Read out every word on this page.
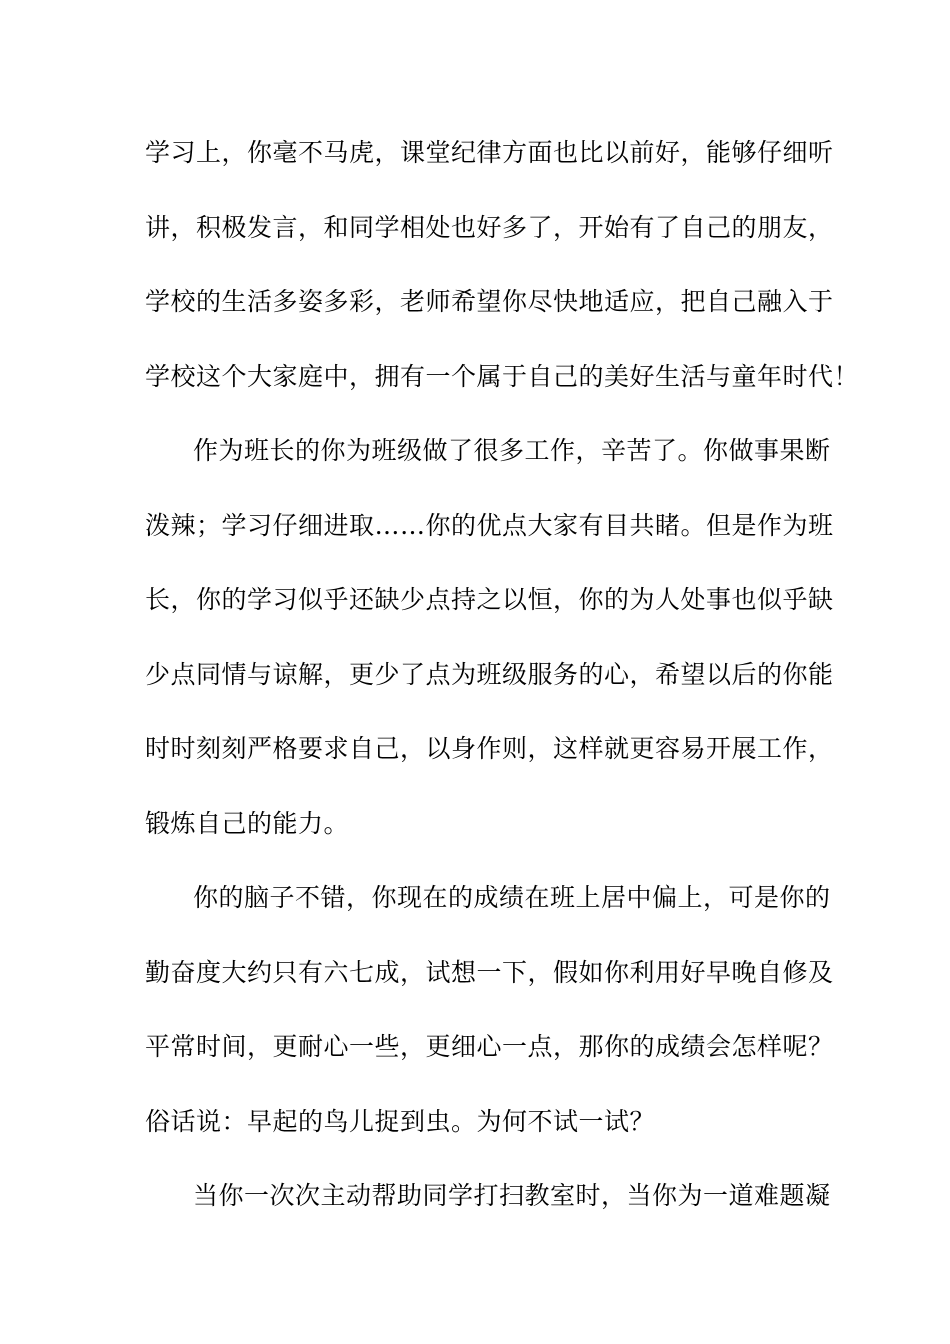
学习上，你毫不马虎，课堂纪律方面也比以前好，能够仔细听
讲，积极发言，和同学相处也好多了，开始有了自己的朋友，
学校的生活多姿多彩，老师希望你尽快地适应，把自己融入于
学校这个大家庭中，拥有一个属于自己的美好生活与童年时代！
作为班长的你为班级做了很多工作，辛苦了。你做事果断
泼辣；学习仔细进取……你的优点大家有目共睹。但是作为班
长，你的学习似乎还缺少点持之以恒，你的为人处事也似乎缺
少点同情与谅解，更少了点为班级服务的心，希望以后的你能
时时刻刻严格要求自己，以身作则，这样就更容易开展工作，
锻炼自己的能力。
你的脑子不错，你现在的成绩在班上居中偏上，可是你的
勤奋度大约只有六七成，试想一下，假如你利用好早晚自修及
平常时间，更耐心一些，更细心一点，那你的成绩会怎样呢？
俗话说：早起的鸟儿捉到虫。为何不试一试？
当你一次次主动帮助同学打扫教室时，当你为一道难题凝
